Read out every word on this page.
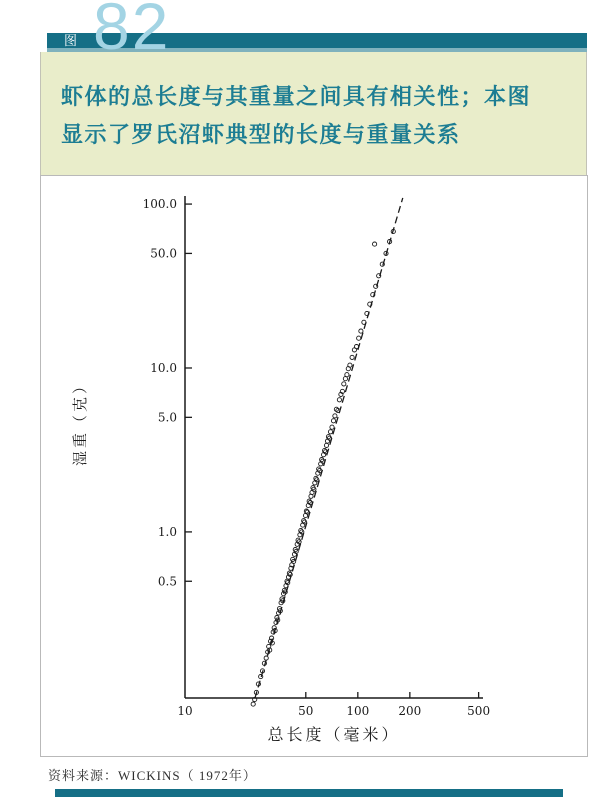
82
图
虾体的总长度与其重量之间具有相关性；本图
显示了罗氏沼虾典型的长度与重量关系
10	50	100 200	500
100.0
50.0
10.0
5.0
1.0
0.5
总长度（毫米）
湿重（克）
资料来源：WICKINS（ 1972年）
